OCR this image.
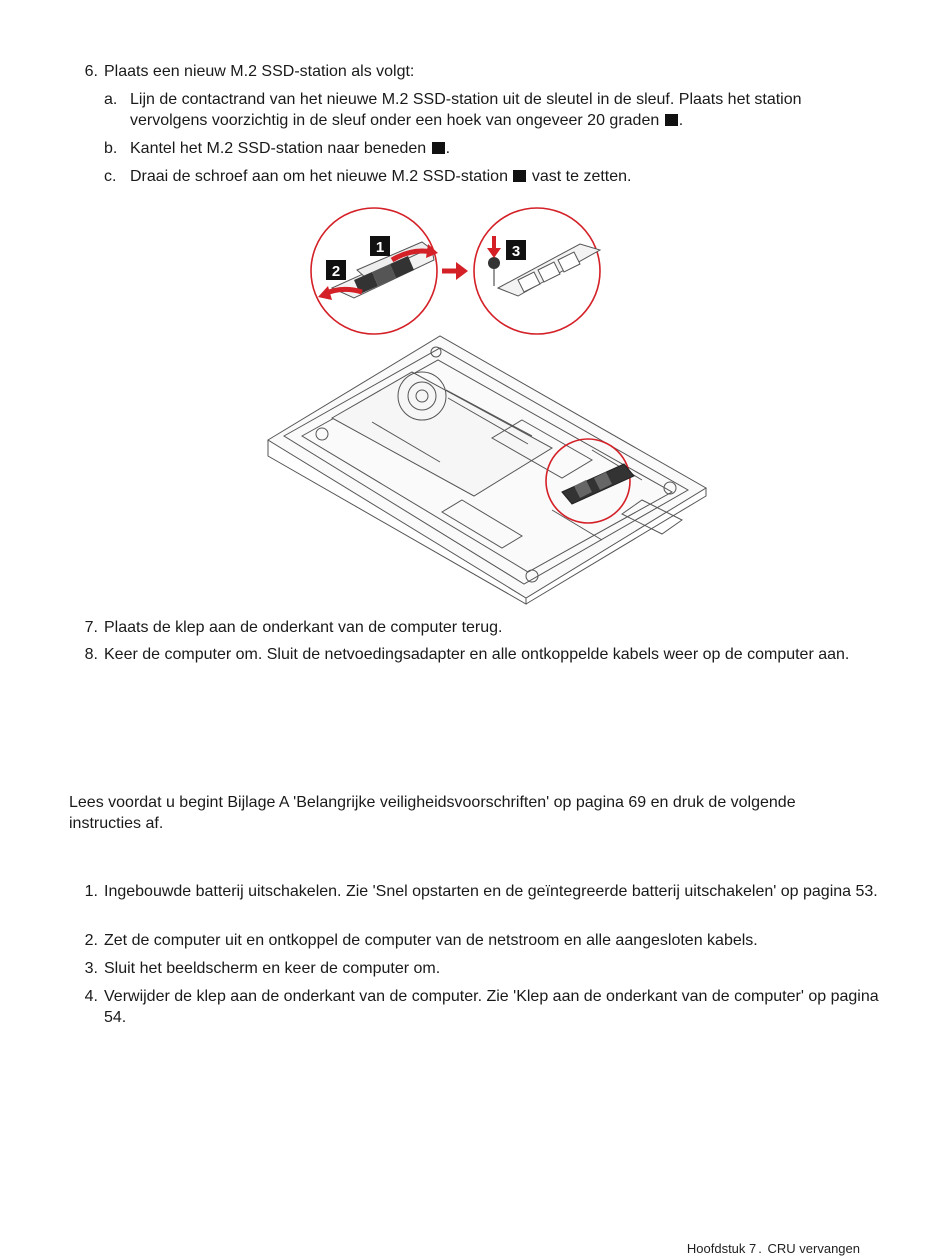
6. Plaats een nieuw M.2 SSD-station als volgt:
a. Lijn de contactrand van het nieuwe M.2 SSD-station uit de sleutel in de sleuf. Plaats het station vervolgens voorzichtig in de sleuf onder een hoek van ongeveer 20 graden .
b. Kantel het M.2 SSD-station naar beneden .
c. Draai de schroef aan om het nieuwe M.2 SSD-station vast te zetten.
1
2
3
7. Plaats de klep aan de onderkant van de computer terug.
8. Keer de computer om. Sluit de netvoedingsadapter en alle ontkoppelde kabels weer op de computer aan.
Lees voordat u begint Bijlage A 'Belangrijke veiligheidsvoorschriften' op pagina 69 en druk de volgende instructies af.
1. Ingebouwde batterij uitschakelen. Zie 'Snel opstarten en de geïntegreerde batterij uitschakelen' op pagina 53.
2. Zet de computer uit en ontkoppel de computer van de netstroom en alle aangesloten kabels.
3. Sluit het beeldscherm en keer de computer om.
4. Verwijder de klep aan de onderkant van de computer. Zie 'Klep aan de onderkant van de computer' op pagina 54.
Hoofdstuk 7 . CRU vervangen
